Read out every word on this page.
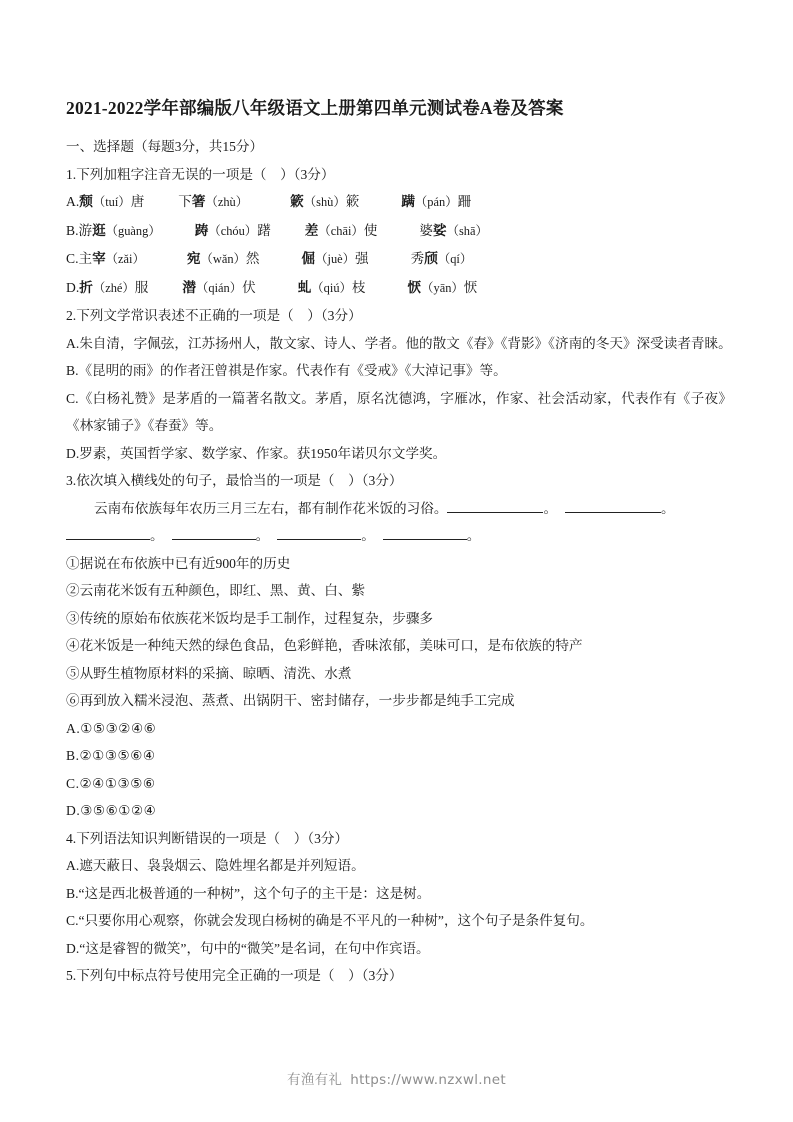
2021-2022学年部编版八年级语文上册第四单元测试卷A卷及答案

一、选择题（每题3分，共15分）

1.下列加粗字注音无误的一项是（　）（3分）

A.颓（tuí）唐	下箸（zhù）	簌（shù）簌	蹒（pán）跚

B.游逛（guàng）	踌（chóu）躇	差（chāi）使	婆娑（shā）

C.主宰（zǎi）	宛（wǎn）然	倔（juè）强	秀颀（qí）

D.折（zhé）服	潜（qián）伏	虬（qiú）枝	恹（yān）恹

2.下列文学常识表述不正确的一项是（　）（3分）

A.朱自清，字佩弦，江苏扬州人，散文家、诗人、学者。他的散文《春》《背影》《济南的冬天》深受读者青睐。

B.《昆明的雨》的作者汪曾祺是作家。代表作有《受戒》《大淖记事》等。

C.《白杨礼赞》是茅盾的一篇著名散文。茅盾，原名沈德鸿，字雁冰，作家、社会活动家，代表作有《子夜》《林家铺子》《春蚕》等。

D.罗素，英国哲学家、数学家、作家。获1950年诺贝尔文学奖。

3.依次填入横线处的句子，最恰当的一项是（　）（3分）

云南布依族每年农历三月三左右，都有制作花米饭的习俗。	。	。

。	。	。	。

①据说在布依族中已有近900年的历史

②云南花米饭有五种颜色，即红、黑、黄、白、紫

③传统的原始布依族花米饭均是手工制作，过程复杂，步骤多

④花米饭是一种纯天然的绿色食品，色彩鲜艳，香味浓郁，美味可口，是布依族的特产

⑤从野生植物原材料的采摘、晾晒、清洗、水煮

⑥再到放入糯米浸泡、蒸煮、出锅阴干、密封储存，一步步都是纯手工完成

A.①⑤③②④⑥

B.②①③⑤⑥④

C.②④①③⑤⑥

D.③⑤⑥①②④

4.下列语法知识判断错误的一项是（　）（3分）

A.遮天蔽日、袅袅烟云、隐姓埋名都是并列短语。

B.“这是西北极普通的一种树”，这个句子的主干是：这是树。

C.“只要你用心观察，你就会发现白杨树的确是不平凡的一种树”，这个句子是条件复句。

D.“这是睿智的微笑”，句中的“微笑”是名词，在句中作宾语。

5.下列句中标点符号使用完全正确的一项是（　）（3分）

有渔有礼 https://www.nzxwl.net
